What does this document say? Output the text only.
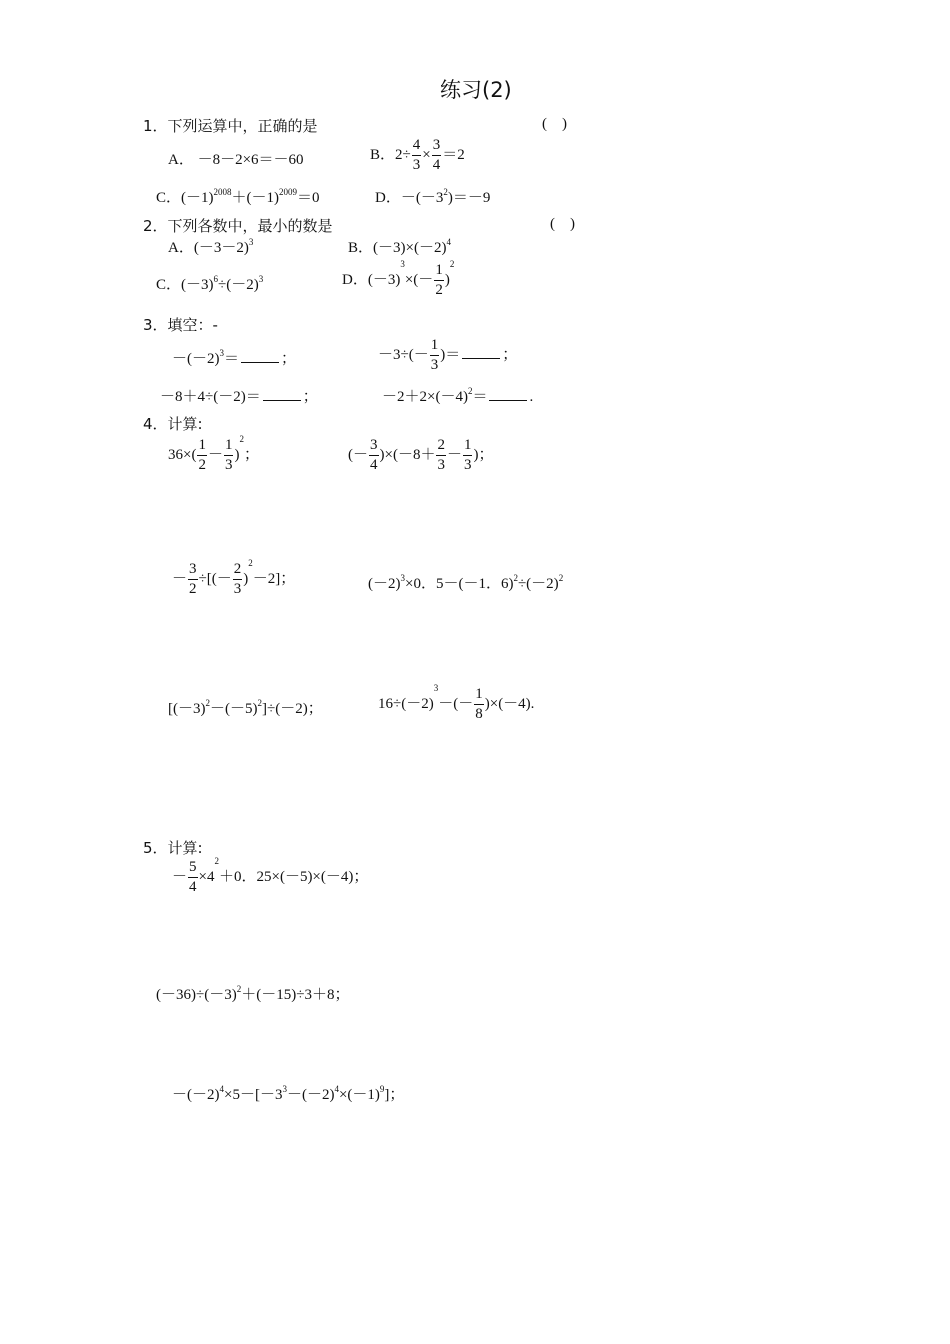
练习(2)
1．下列运算中，正确的是	(　)
A． －8－2×6＝－60	B．$2\div \frac{4}{3} \times \frac{3}{4} =2$
C．$(-1)^{2008}+(-1)^{2009}=0$	D．$-(-3^2)=-9$
2．下列各数中，最小的数是	(　)
A．$(-3-2)^3$	B．$(-3)\times(-2)^4$
C．$(-3)^6\div(-2)^3$	D．$(-3)^3\times(- \frac{1}{2} )^2$
3．填空：-
$-(-2)^3=$	；	$-3\div(- \frac{1}{3}$ )＝	；
－8＋4÷(－2)＝	；	$-2+2\times(-4)^2=$	.
4．计算:
$36\times( \frac{1}{2} - \frac{1}{3} )^2$；	(－ $\frac{3}{4} )\times(-8+ \frac{2}{3} - \frac{1}{3}$ )；
－ $\frac{3}{2}$ ÷[(－ $\frac{2}{3} )^2-2$]；	$(-2)^3\times 0$．5－(－1．$6)^2\div(-2)^2$
$[(-3)^2-(-5)^2]\div(-2)$；	$16\div(-2)^3-(- \frac{1}{8} )\times(-4)$.
5．计算:
－ $\frac{5}{4} \times 4^2+0$．25×(－5)×(－4)；
$(-36)\div(-3)^2+(-15)\div 3+8$；
$-(-2)^4\times 5-[-3^3-(-2)^4\times(-1)^9]$；
